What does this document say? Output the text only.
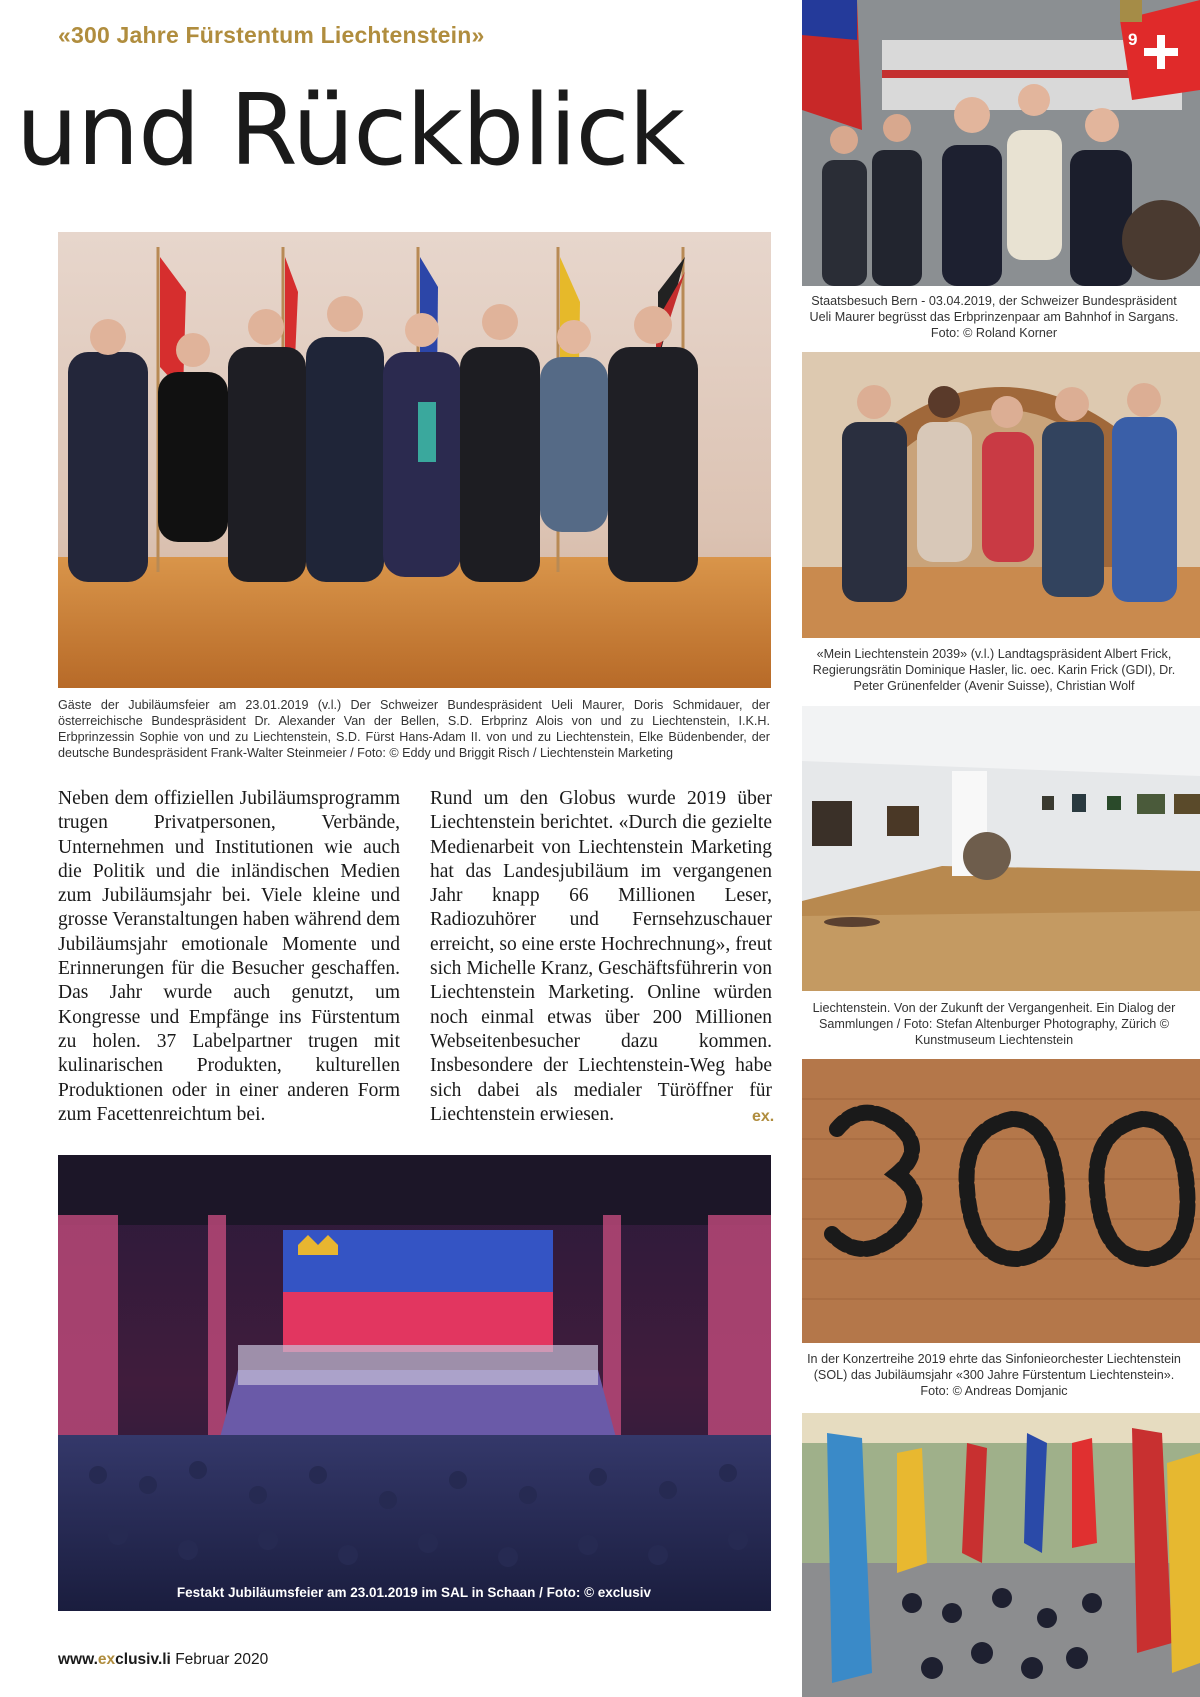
«300 Jahre Fürstentum Liechtenstein»
und Rückblick
Gäste der Jubiläumsfeier am 23.01.2019 (v.l.) Der Schweizer Bundespräsident Ueli Maurer, Doris Schmidauer, der österreichische Bundespräsident Dr. Alexander Van der Bellen, S.D. Erbprinz Alois von und zu Liechtenstein, I.K.H. Erbprinzessin Sophie von und zu Liechtenstein, S.D. Fürst Hans-Adam II. von und zu Liechtenstein, Elke Büdenbender, der deutsche Bundespräsident Frank-Walter Steinmeier / Foto: © Eddy und Briggit Risch / Liechtenstein Marketing
Neben dem offiziellen Jubiläumsprogramm trugen Privatpersonen, Verbände, Unternehmen und Institutionen wie auch die Politik und die inländischen Medien zum Jubiläumsjahr bei. Viele kleine und grosse Veranstaltungen haben während dem Jubiläumsjahr emotionale Momente und Erinnerungen für die Besucher geschaffen. Das Jahr wurde auch genutzt, um Kongresse und Empfänge ins Fürstentum zu holen. 37 Labelpartner trugen mit kulinarischen Produkten, kulturellen Produktionen oder in einer anderen Form zum Facettenreichtum bei.
Rund um den Globus wurde 2019 über Liechtenstein berichtet. «Durch die gezielte Medienarbeit von Liechtenstein Marketing hat das Landesjubiläum im vergangenen Jahr knapp 66 Millionen Leser, Radiozuhörer und Fernsehzuschauer erreicht, so eine erste Hochrechnung», freut sich Michelle Kranz, Geschäftsführerin von Liechtenstein Marketing. Online würden noch einmal etwas über 200 Millionen Webseitenbesucher dazu kommen. Insbesondere der Liechtenstein-Weg habe sich dabei als medialer Türöffner für Liechtenstein erwiesen.	ex.
Festakt Jubiläumsfeier am 23.01.2019 im SAL in Schaan / Foto: © exclusiv
Staatsbesuch Bern - 03.04.2019, der Schweizer Bundespräsident Ueli Maurer begrüsst das Erbprinzenpaar am Bahnhof in Sargans. Foto: © Roland Korner
«Mein Liechtenstein 2039» (v.l.) Landtagspräsident Albert Frick, Regierungsrätin Dominique Hasler, lic. oec. Karin Frick (GDI), Dr. Peter Grünenfelder (Avenir Suisse), Christian Wolf
Liechtenstein. Von der Zukunft der Vergangenheit. Ein Dialog der Sammlungen / Foto: Stefan Altenburger Photography, Zürich © Kunstmuseum Liechtenstein
In der Konzertreihe 2019 ehrte das Sinfonieorchester Liechtenstein (SOL) das Jubiläumsjahr «300 Jahre Fürstentum Liechtenstein». Foto: © Andreas Domjanic
9
www.exclusiv.li Februar 2020
